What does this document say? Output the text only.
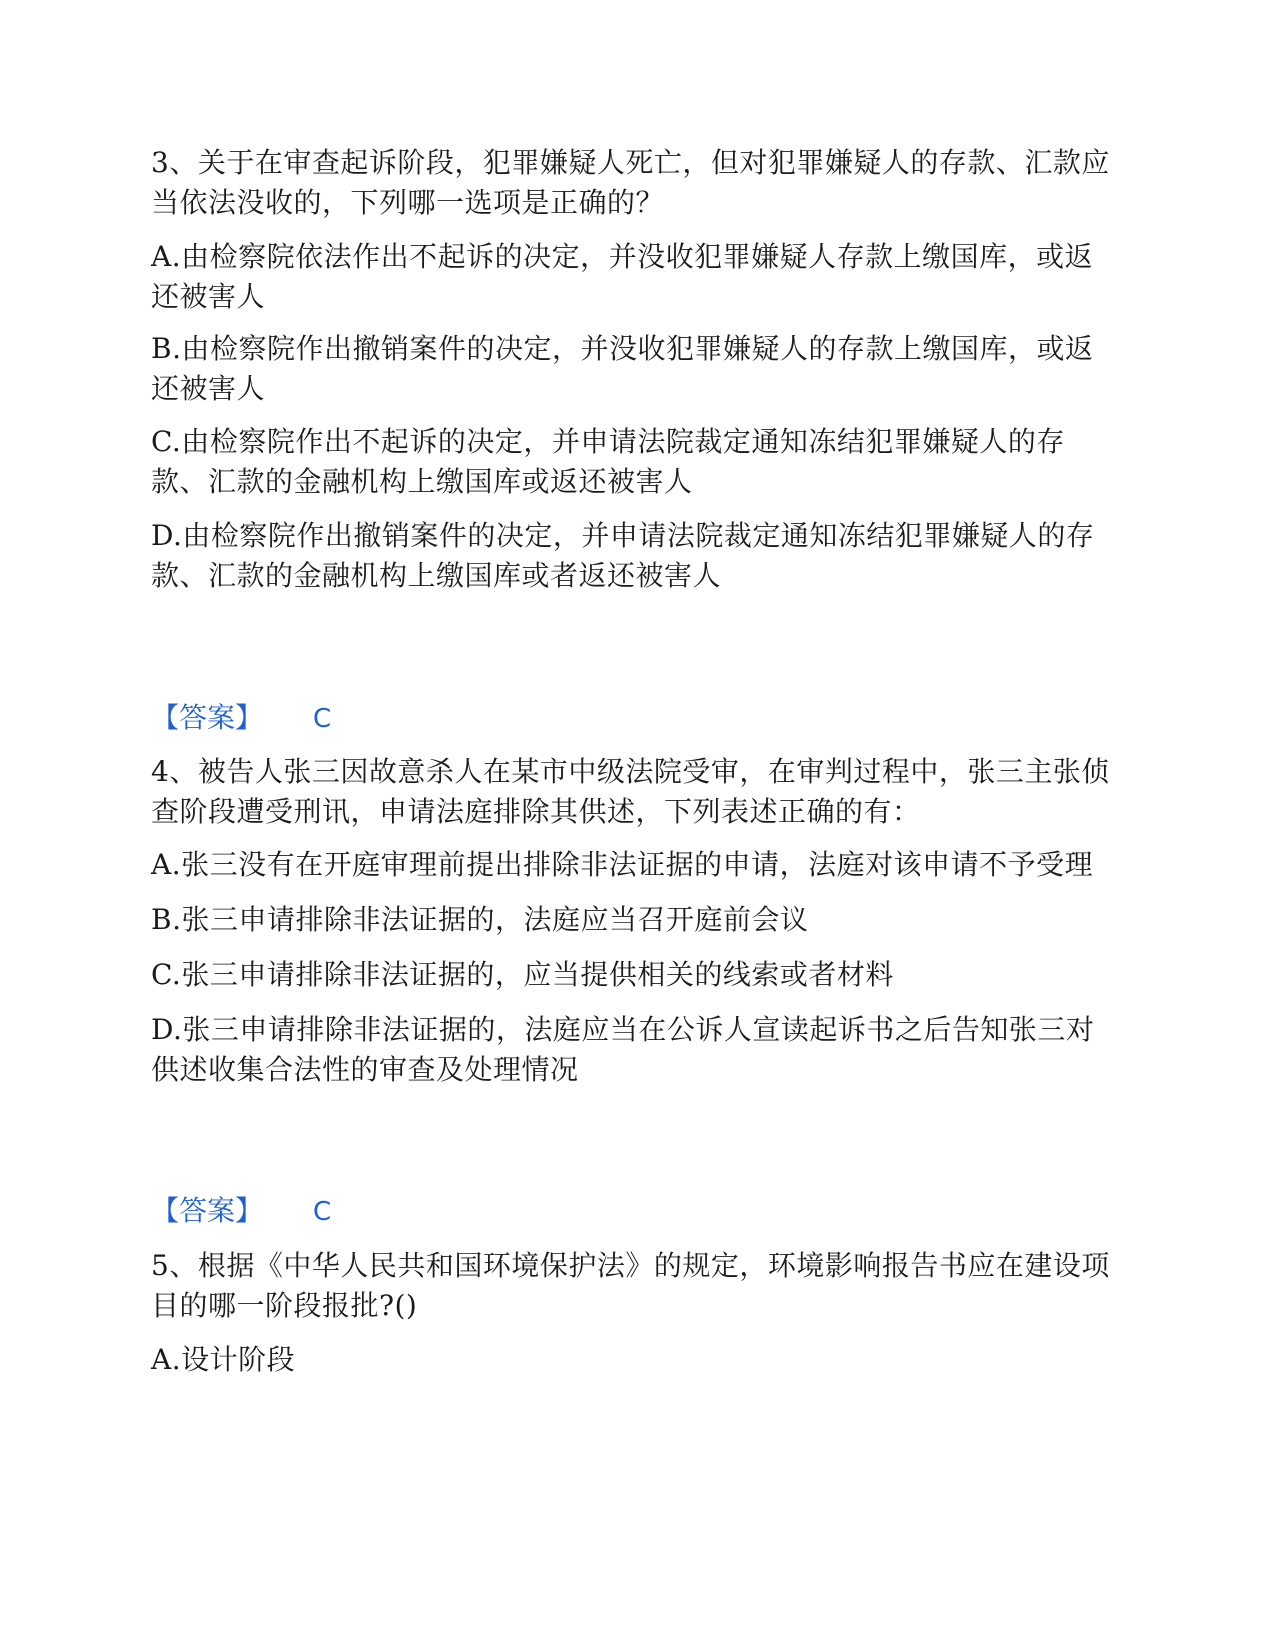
3、关于在审查起诉阶段，犯罪嫌疑人死亡，但对犯罪嫌疑人的存款、汇款应当依法没收的，下列哪一选项是正确的？
A.由检察院依法作出不起诉的决定，并没收犯罪嫌疑人存款上缴国库，或返还被害人
B.由检察院作出撤销案件的决定，并没收犯罪嫌疑人的存款上缴国库，或返还被害人
C.由检察院作出不起诉的决定，并申请法院裁定通知冻结犯罪嫌疑人的存款、汇款的金融机构上缴国库或返还被害人
D.由检察院作出撤销案件的决定，并申请法院裁定通知冻结犯罪嫌疑人的存款、汇款的金融机构上缴国库或者返还被害人
【答案】 C
4、被告人张三因故意杀人在某市中级法院受审，在审判过程中，张三主张侦查阶段遭受刑讯，申请法庭排除其供述，下列表述正确的有：
A.张三没有在开庭审理前提出排除非法证据的申请，法庭对该申请不予受理
B.张三申请排除非法证据的，法庭应当召开庭前会议
C.张三申请排除非法证据的，应当提供相关的线索或者材料
D.张三申请排除非法证据的，法庭应当在公诉人宣读起诉书之后告知张三对供述收集合法性的审查及处理情况
【答案】 C
5、根据《中华人民共和国环境保护法》的规定，环境影响报告书应在建设项目的哪一阶段报批?()
A.设计阶段
